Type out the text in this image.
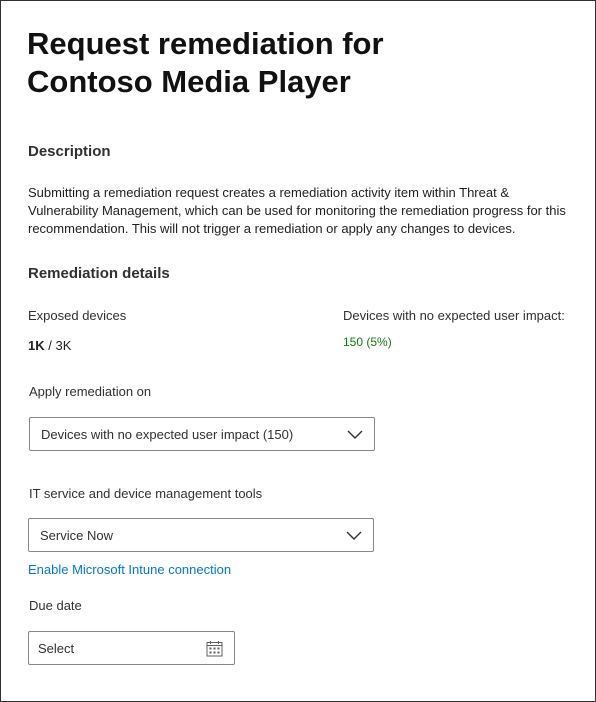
Request remediation for Contoso Media Player
Description

Submitting a remediation request creates a remediation activity item within Threat & Vulnerability Management, which can be used for monitoring the remediation progress for this recommendation. This will not trigger a remediation or apply any changes to devices.

Remediation details
Exposed devices
1K / 3K
Devices with no expected user impact:
150 (5%)
Apply remediation on
Devices with no expected user impact (150)
IT service and device management tools
Service Now
Enable Microsoft Intune connection
Due date
Select
